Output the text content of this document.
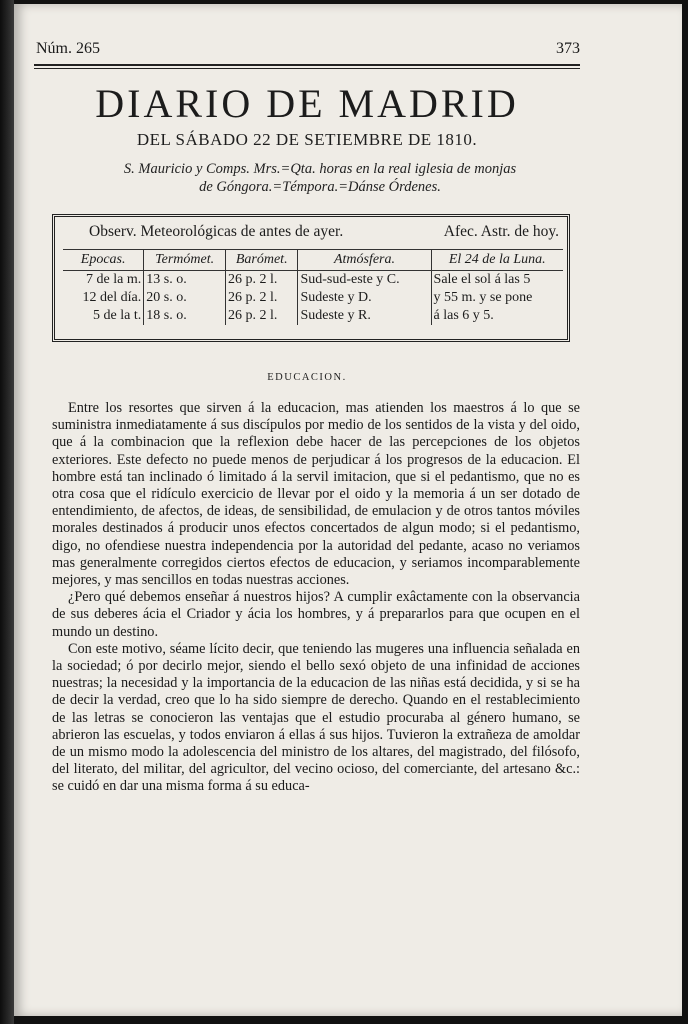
Núm. 265	373
DIARIO DE MADRID
DEL SÁBADO 22 DE SETIEMBRE DE 1810.
S. Mauricio y Comps. Mrs.=Qta. horas en la real iglesia de monjas
de Góngora.=Témpora.=Dánse Órdenes.
Observ. Meteorológicas de antes de ayer.	Afec. Astr. de hoy.
Epocas.	Termómet.	Barómet.	Atmósfera.	El 24 de la Luna.
7 de la m.	13 s. o.	26 p. 2 l.	Sud-sud-este y C.	Sale el sol á las 5
12 del día.	20 s. o.	26 p. 2 l.	Sudeste y D.	y 55 m. y se pone
5 de la t.	18 s. o.	26 p. 2 l.	Sudeste y R.	á las 6 y 5.
EDUCACION.

Entre los resortes que sirven á la educacion, mas atienden los maestros á lo que se suministra inmediatamente á sus discípulos por medio de los sentidos de la vista y del oido, que á la combinacion que la reflexion debe hacer de las percepciones de los objetos exteriores. Este defecto no puede menos de perjudicar á los progresos de la educacion. El hombre está tan inclinado ó limitado á la servil imitacion, que si el pedantismo, que no es otra cosa que el ridículo exercicio de llevar por el oido y la memoria á un ser dotado de entendimiento, de afectos, de ideas, de sensibilidad, de emulacion y de otros tantos móviles morales destinados á producir unos efectos concertados de algun modo; si el pedantismo, digo, no ofendiese nuestra independencia por la autoridad del pedante, acaso no veriamos mas generalmente corregidos ciertos efectos de educacion, y seriamos incomparablemente mejores, y mas sencillos en todas nuestras acciones.

¿Pero qué debemos enseñar á nuestros hijos? A cumplir exâctamente con la observancia de sus deberes ácia el Criador y ácia los hombres, y á prepararlos para que ocupen en el mundo un destino.

Con este motivo, séame lícito decir, que teniendo las mugeres una influencia señalada en la sociedad; ó por decirlo mejor, siendo el bello sexó objeto de una infinidad de acciones nuestras; la necesidad y la importancia de la educacion de las niñas está decidida, y si se ha de decir la verdad, creo que lo ha sido siempre de derecho. Quando en el restablecimiento de las letras se conocieron las ventajas que el estudio procuraba al género humano, se abrieron las escuelas, y todos enviaron á ellas á sus hijos. Tuvieron la extrañeza de amoldar de un mismo modo la adolescencia del ministro de los altares, del magistrado, del filósofo, del literato, del militar, del agricultor, del vecino ocioso, del comerciante, del artesano &c.: se cuidó en dar una misma forma á su educa-
